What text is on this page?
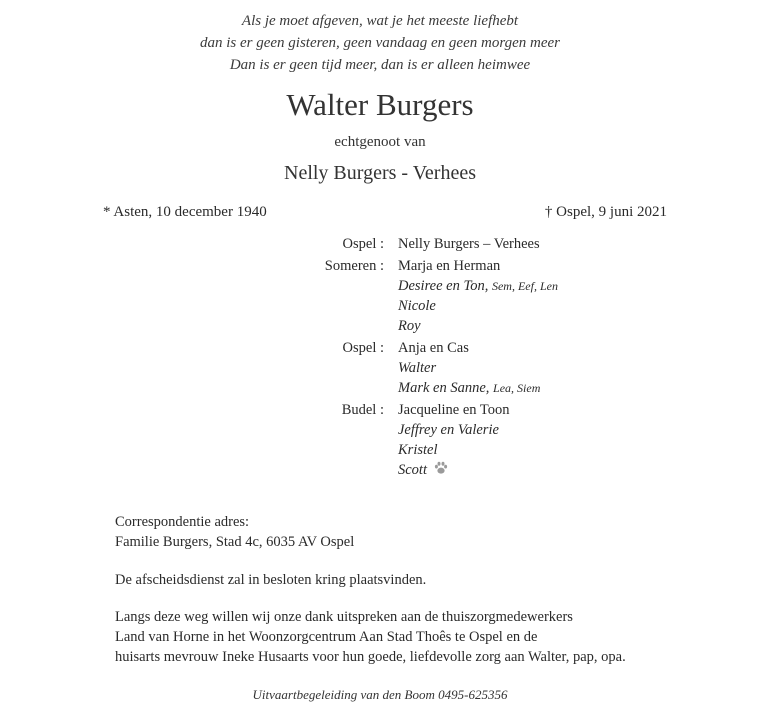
Als je moet afgeven, wat je het meeste liefhebt
dan is er geen gisteren, geen vandaag en geen morgen meer
Dan is er geen tijd meer, dan is er alleen heimwee
Walter Burgers
echtgenoot van
Nelly Burgers - Verhees
* Asten, 10 december 1940	† Ospel, 9 juni 2021
Ospel : Nelly Burgers – Verhees
Someren : Marja en Herman
Desiree en Ton, Sem, Eef, Len
Nicole
Roy
Ospel : Anja en Cas
Walter
Mark en Sanne, Lea, Siem
Budel : Jacqueline en Toon
Jeffrey en Valerie
Kristel
Scott
Correspondentie adres:
Familie Burgers, Stad 4c, 6035 AV Ospel
De afscheidsdienst zal in besloten kring plaatsvinden.
Langs deze weg willen wij onze dank uitspreken aan de thuiszorgmedewerkers
Land van Horne in het Woonzorgcentrum Aan Stad Thoês te Ospel en de
huisarts mevrouw Ineke Husaarts voor hun goede, liefdevolle zorg aan Walter, pap, opa.
Uitvaartbegeleiding van den Boom 0495-625356
